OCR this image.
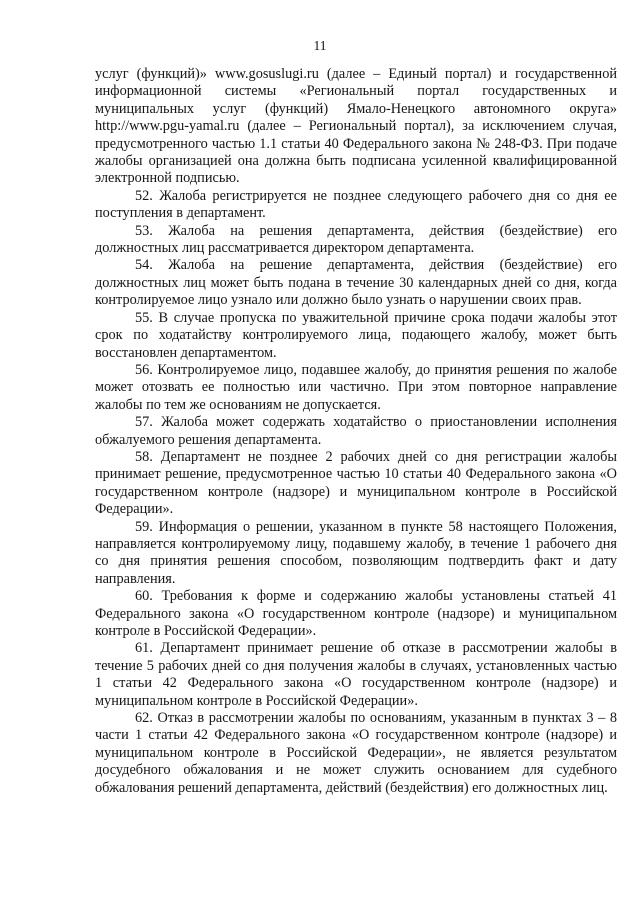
11

услуг (функций)» www.gosuslugi.ru (далее – Единый портал) и государственной информационной системы «Региональный портал государственных и муниципальных услуг (функций) Ямало-Ненецкого автономного округа» http://www.pgu-yamal.ru (далее – Региональный портал), за исключением случая, предусмотренного частью 1.1 статьи 40 Федерального закона № 248-ФЗ. При подаче жалобы организацией она должна быть подписана усиленной квалифицированной электронной подписью.

52. Жалоба регистрируется не позднее следующего рабочего дня со дня ее поступления в департамент.

53. Жалоба на решения департамента, действия (бездействие) его должностных лиц рассматривается директором департамента.

54. Жалоба на решение департамента, действия (бездействие) его должностных лиц может быть подана в течение 30 календарных дней со дня, когда контролируемое лицо узнало или должно было узнать о нарушении своих прав.

55. В случае пропуска по уважительной причине срока подачи жалобы этот срок по ходатайству контролируемого лица, подающего жалобу, может быть восстановлен департаментом.

56. Контролируемое лицо, подавшее жалобу, до принятия решения по жалобе может отозвать ее полностью или частично. При этом повторное направление жалобы по тем же основаниям не допускается.

57. Жалоба может содержать ходатайство о приостановлении исполнения обжалуемого решения департамента.

58. Департамент не позднее 2 рабочих дней со дня регистрации жалобы принимает решение, предусмотренное частью 10 статьи 40 Федерального закона «О государственном контроле (надзоре) и муниципальном контроле в Российской Федерации».

59. Информация о решении, указанном в пункте 58 настоящего Положения, направляется контролируемому лицу, подавшему жалобу, в течение 1 рабочего дня со дня принятия решения способом, позволяющим подтвердить факт и дату направления.

60. Требования к форме и содержанию жалобы установлены статьей 41 Федерального закона «О государственном контроле (надзоре) и муниципальном контроле в Российской Федерации».

61. Департамент принимает решение об отказе в рассмотрении жалобы в течение 5 рабочих дней со дня получения жалобы в случаях, установленных частью 1 статьи 42 Федерального закона «О государственном контроле (надзоре) и муниципальном контроле в Российской Федерации».

62. Отказ в рассмотрении жалобы по основаниям, указанным в пунктах 3 – 8 части 1 статьи 42 Федерального закона «О государственном контроле (надзоре) и муниципальном контроле в Российской Федерации», не является результатом досудебного обжалования и не может служить основанием для судебного обжалования решений департамента, действий (бездействия) его должностных лиц.
